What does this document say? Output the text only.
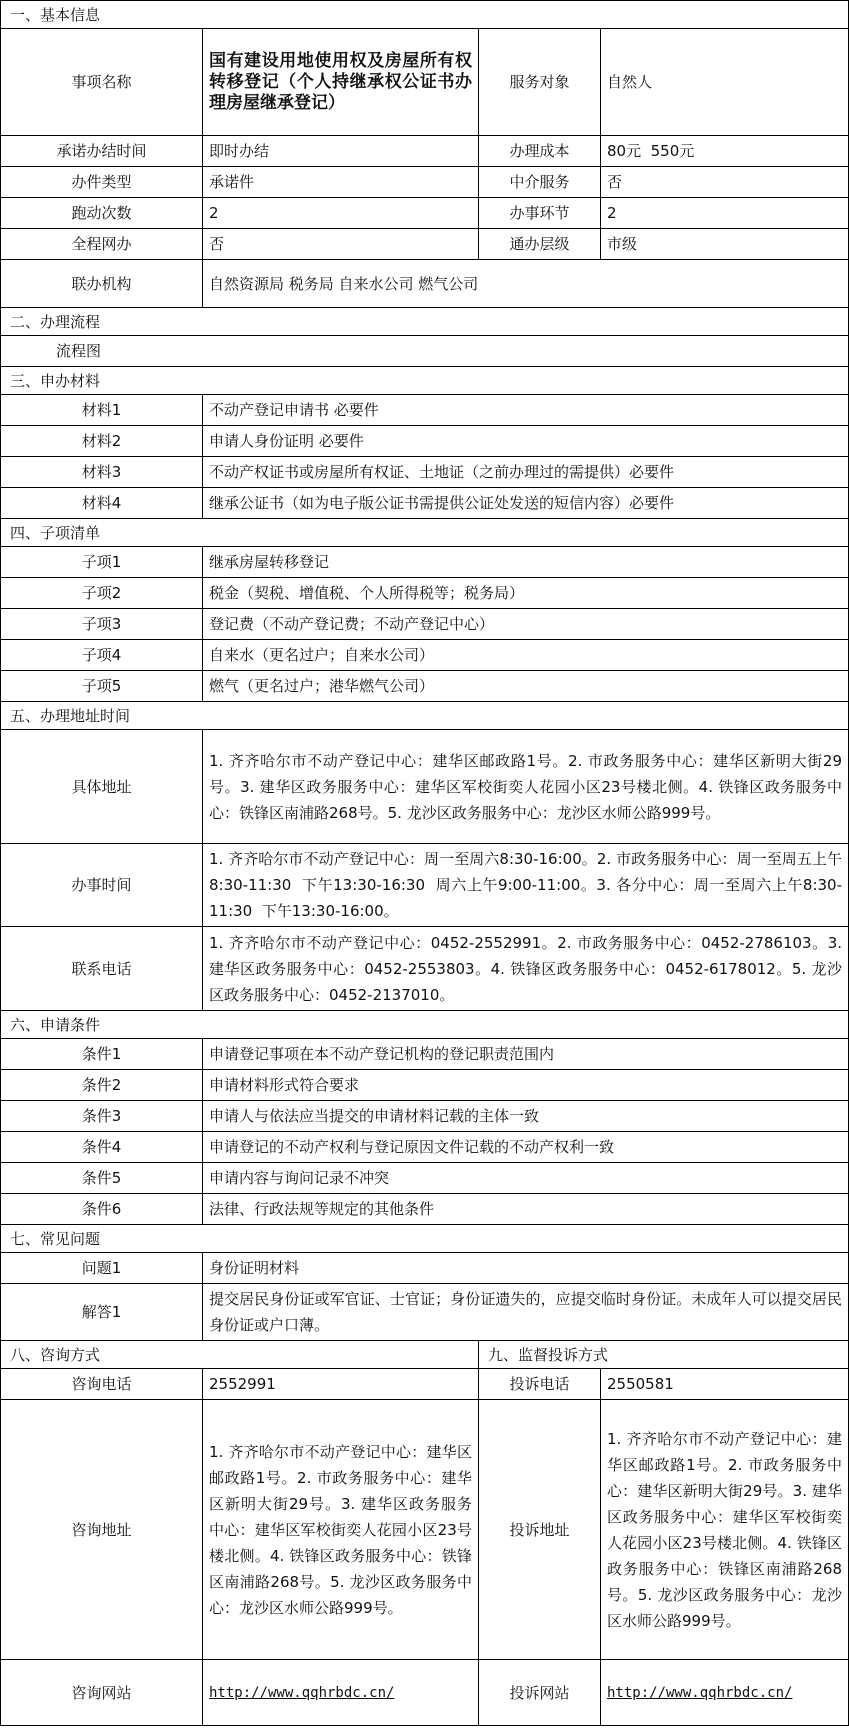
一、基本信息			
事项名称	国有建设用地使用权及房屋所有权转移登记（个人持继承权公证书办理房屋继承登记）	服务对象	自然人
承诺办结时间	即时办结	办理成本	80元  550元
办件类型	承诺件	中介服务	否
跑动次数	2	办事环节	2
全程网办	否	通办层级	市级
联办机构	自然资源局 税务局 自来水公司 燃气公司		
二、办理流程			
流程图			
三、申办材料			
材料1	不动产登记申请书 必要件		
材料2	申请人身份证明 必要件		
材料3	不动产权证书或房屋所有权证、土地证（之前办理过的需提供）必要件		
材料4	继承公证书（如为电子版公证书需提供公证处发送的短信内容）必要件		
四、子项清单			
子项1	继承房屋转移登记		
子项2	税金（契税、增值税、个人所得税等；税务局）		
子项3	登记费（不动产登记费；不动产登记中心）		
子项4	自来水（更名过户；自来水公司）		
子项5	燃气（更名过户；港华燃气公司）		
五、办理地址时间			
具体地址	1. 齐齐哈尔市不动产登记中心：建华区邮政路1号。2. 市政务服务中心：建华区新明大街29号。3. 建华区政务服务中心：建华区军校街奕人花园小区23号楼北侧。4. 铁锋区政务服务中心：铁锋区南浦路268号。5. 龙沙区政务服务中心：龙沙区水师公路999号。		
办事时间	1. 齐齐哈尔市不动产登记中心：周一至周六8:30-16:00。2. 市政务服务中心：周一至周五上午8:30-11:30  下午13:30-16:30  周六上午9:00-11:00。3. 各分中心：周一至周六上午8:30-11:30  下午13:30-16:00。		
联系电话	1. 齐齐哈尔市不动产登记中心：0452-2552991。2. 市政务服务中心：0452-2786103。3. 建华区政务服务中心：0452-2553803。4. 铁锋区政务服务中心：0452-6178012。5. 龙沙区政务服务中心：0452-2137010。		
六、申请条件			
条件1	申请登记事项在本不动产登记机构的登记职责范围内		
条件2	申请材料形式符合要求		
条件3	申请人与依法应当提交的申请材料记载的主体一致		
条件4	申请登记的不动产权利与登记原因文件记载的不动产权利一致		
条件5	申请内容与询问记录不冲突		
条件6	法律、行政法规等规定的其他条件		
七、常见问题			
问题1	身份证明材料		
解答1	提交居民身份证或军官证、士官证；身份证遗失的，应提交临时身份证。未成年人可以提交居民身份证或户口薄。		
八、咨询方式		九、监督投诉方式	
咨询电话	2552991	投诉电话	2550581
咨询地址	1. 齐齐哈尔市不动产登记中心：建华区邮政路1号。2. 市政务服务中心：建华区新明大街29号。3. 建华区政务服务中心：建华区军校街奕人花园小区23号楼北侧。4. 铁锋区政务服务中心：铁锋区南浦路268号。5. 龙沙区政务服务中心：龙沙区水师公路999号。	投诉地址	1. 齐齐哈尔市不动产登记中心：建华区邮政路1号。2. 市政务服务中心：建华区新明大街29号。3. 建华区政务服务中心：建华区军校街奕人花园小区23号楼北侧。4. 铁锋区政务服务中心：铁锋区南浦路268号。5. 龙沙区政务服务中心：龙沙区水师公路999号。
咨询网站	http://www.qqhrbdc.cn/	投诉网站	http://www.qqhrbdc.cn/
